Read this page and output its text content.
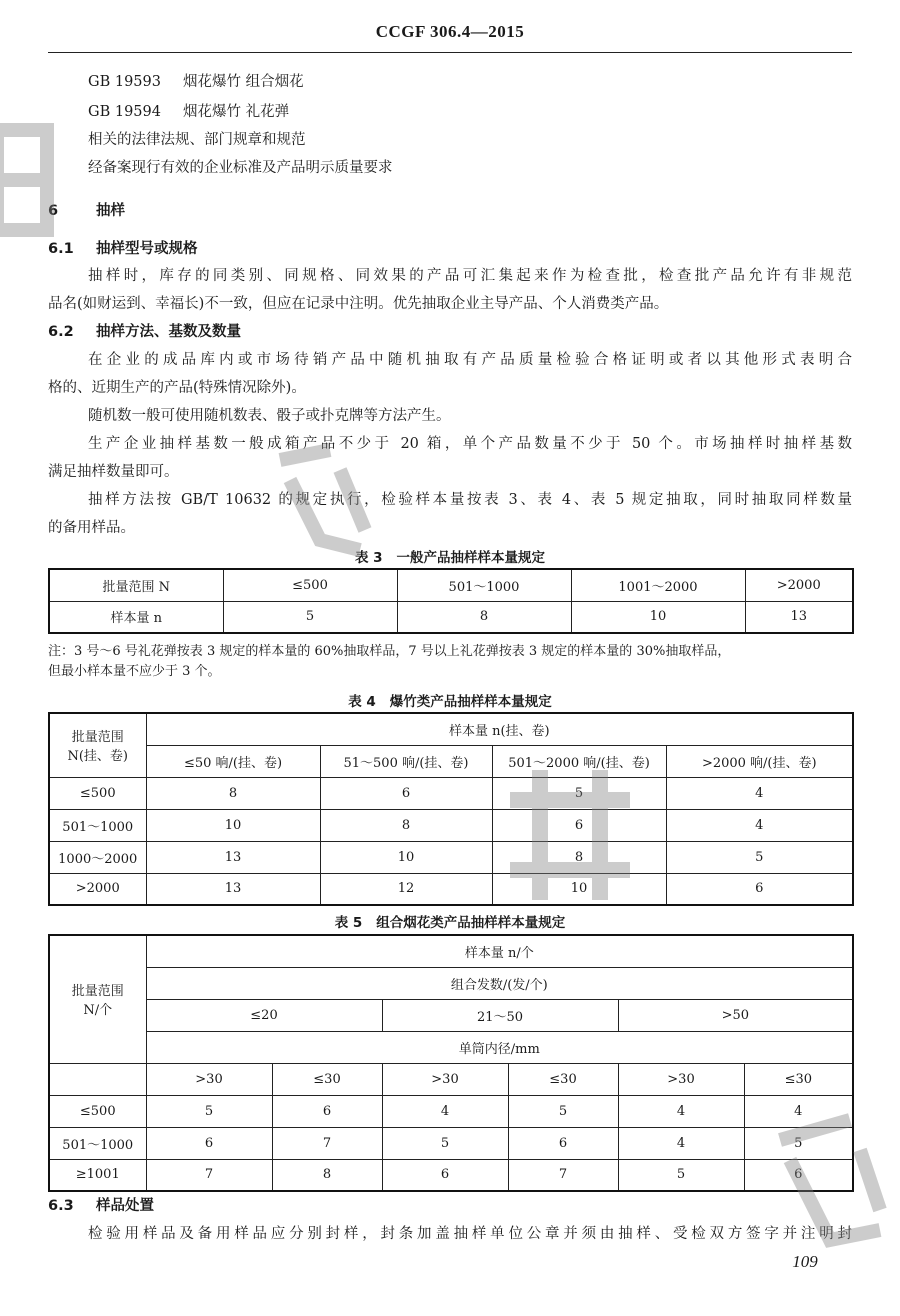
CCGF 306.4—2015
GB 19593 烟花爆竹 组合烟花
GB 19594 烟花爆竹 礼花弹
相关的法律法规、部门规章和规范
经备案现行有效的企业标准及产品明示质量要求
6	抽样
6.1 抽样型号或规格
抽样时，库存的同类别、同规格、同效果的产品可汇集起来作为检查批，检查批产品允许有非规范
品名(如财运到、幸福长)不一致，但应在记录中注明。优先抽取企业主导产品、个人消费类产品。
6.2 抽样方法、基数及数量
在企业的成品库内或市场待销产品中随机抽取有产品质量检验合格证明或者以其他形式表明合
格的、近期生产的产品(特殊情况除外)。
随机数一般可使用随机数表、骰子或扑克牌等方法产生。
生产企业抽样基数一般成箱产品不少于 20 箱，单个产品数量不少于 50 个。市场抽样时抽样基数
满足抽样数量即可。
抽样方法按 GB/T 10632 的规定执行，检验样本量按表 3、表 4、表 5 规定抽取，同时抽取同样数量
的备用样品。
表 3 一般产品抽样样本量规定
批量范围 N	≤500	501～1000	1001～2000	>2000
样本量 n	5	8	10	13
注：3 号～6 号礼花弹按表 3 规定的样本量的 60%抽取样品，7 号以上礼花弹按表 3 规定的样本量的 30%抽取样品，
但最小样本量不应少于 3 个。
表 4 爆竹类产品抽样样本量规定
批量范围
N(挂、卷)	样本量 n(挂、卷)			
	≤50 响/(挂、卷)	51～500 响/(挂、卷)	501～2000 响/(挂、卷)	>2000 响/(挂、卷)
≤500	8	6	5	4
501～1000	10	8	6	4
1000～2000	13	10	8	5
>2000	13	12	10	6
表 5 组合烟花类产品抽样样本量规定
批量范围
N/个	样本量 n/个					
	组合发数/(发/个)					
	≤20		21～50		>50	
	单筒内径/mm					
	>30	≤30	>30	≤30	>30	≤30
≤500	5	6	4	5	4	4
501～1000	6	7	5	6	4	5
≥1001	7	8	6	7	5	6
6.3 样品处置
检验用样品及备用样品应分别封样，封条加盖抽样单位公章并须由抽样、受检双方签字并注明封
109
